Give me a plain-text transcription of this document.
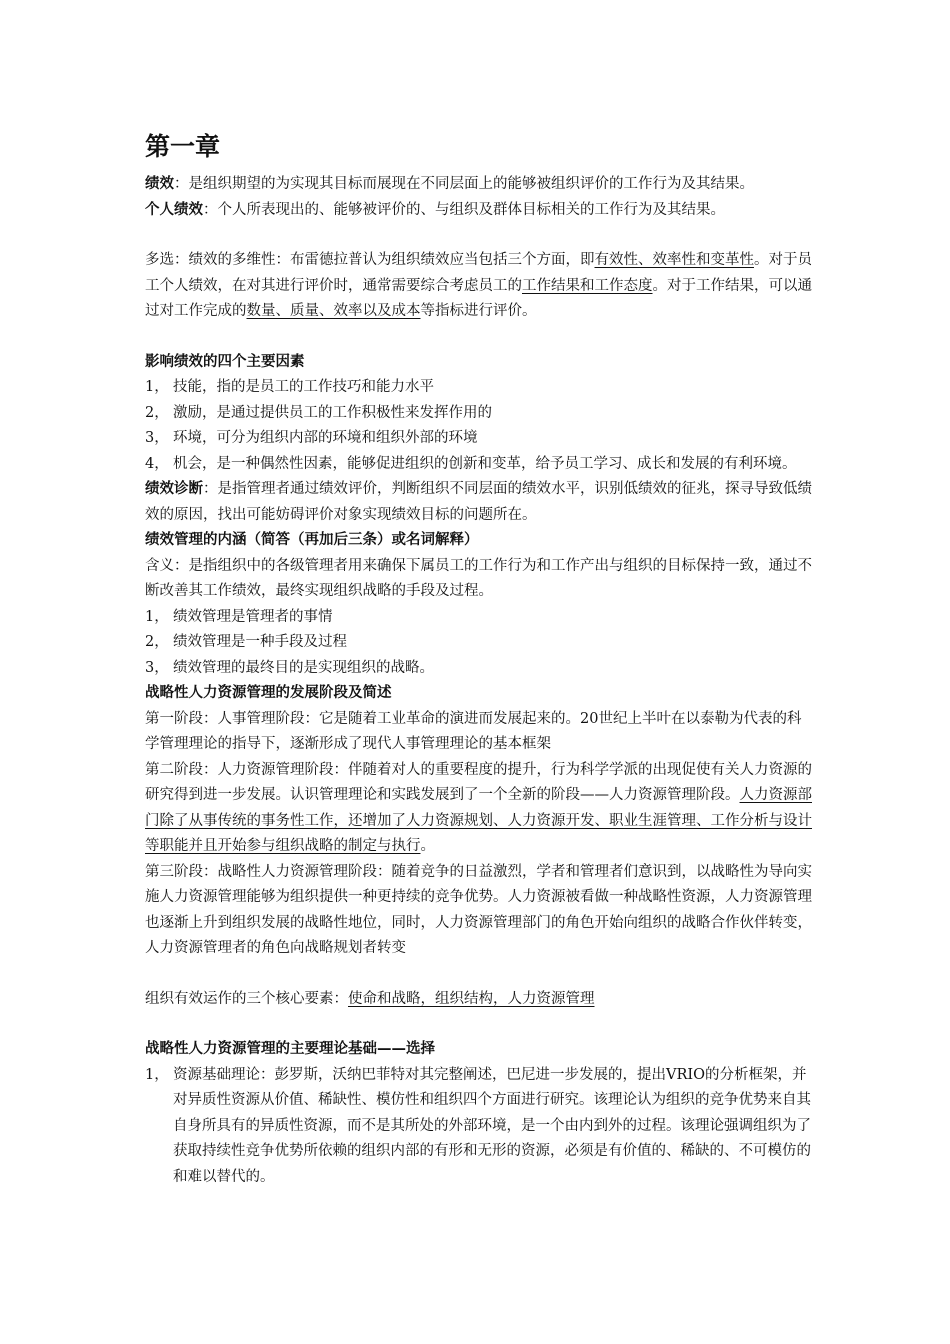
第一章

绩效：是组织期望的为实现其目标而展现在不同层面上的能够被组织评价的工作行为及其结果。

个人绩效：个人所表现出的、能够被评价的、与组织及群体目标相关的工作行为及其结果。

多选：绩效的多维性：布雷德拉普认为组织绩效应当包括三个方面，即有效性、效率性和变革性。对于员工个人绩效，在对其进行评价时，通常需要综合考虑员工的工作结果和工作态度。对于工作结果，可以通过对工作完成的数量、质量、效率以及成本等指标进行评价。

影响绩效的四个主要因素

1， 技能，指的是员工的工作技巧和能力水平
2， 激励，是通过提供员工的工作积极性来发挥作用的
3， 环境，可分为组织内部的环境和组织外部的环境
4， 机会，是一种偶然性因素，能够促进组织的创新和变革，给予员工学习、成长和发展的有利环境。

绩效诊断：是指管理者通过绩效评价，判断组织不同层面的绩效水平，识别低绩效的征兆，探寻导致低绩效的原因，找出可能妨碍评价对象实现绩效目标的问题所在。

绩效管理的内涵（简答（再加后三条）或名词解释）

含义：是指组织中的各级管理者用来确保下属员工的工作行为和工作产出与组织的目标保持一致，通过不断改善其工作绩效，最终实现组织战略的手段及过程。

1， 绩效管理是管理者的事情
2， 绩效管理是一种手段及过程
3， 绩效管理的最终目的是实现组织的战略。

战略性人力资源管理的发展阶段及简述

第一阶段：人事管理阶段：它是随着工业革命的演进而发展起来的。20世纪上半叶在以泰勒为代表的科学管理理论的指导下，逐渐形成了现代人事管理理论的基本框架

第二阶段：人力资源管理阶段：伴随着对人的重要程度的提升，行为科学学派的出现促使有关人力资源的研究得到进一步发展。认识管理理论和实践发展到了一个全新的阶段——人力资源管理阶段。人力资源部门除了从事传统的事务性工作，还增加了人力资源规划、人力资源开发、职业生涯管理、工作分析与设计等职能并且开始参与组织战略的制定与执行。

第三阶段：战略性人力资源管理阶段：随着竞争的日益激烈，学者和管理者们意识到，以战略性为导向实施人力资源管理能够为组织提供一种更持续的竞争优势。人力资源被看做一种战略性资源，人力资源管理也逐渐上升到组织发展的战略性地位，同时，人力资源管理部门的角色开始向组织的战略合作伙伴转变，人力资源管理者的角色向战略规划者转变

组织有效运作的三个核心要素：使命和战略，组织结构，人力资源管理

战略性人力资源管理的主要理论基础——选择

1， 资源基础理论：彭罗斯，沃纳巴菲特对其完整阐述，巴尼进一步发展的，提出VRIO的分析框架，并对异质性资源从价值、稀缺性、模仿性和组织四个方面进行研究。该理论认为组织的竞争优势来自其自身所具有的异质性资源，而不是其所处的外部环境，是一个由内到外的过程。该理论强调组织为了获取持续性竞争优势所依赖的组织内部的有形和无形的资源，必须是有价值的、稀缺的、不可模仿的和难以替代的。
